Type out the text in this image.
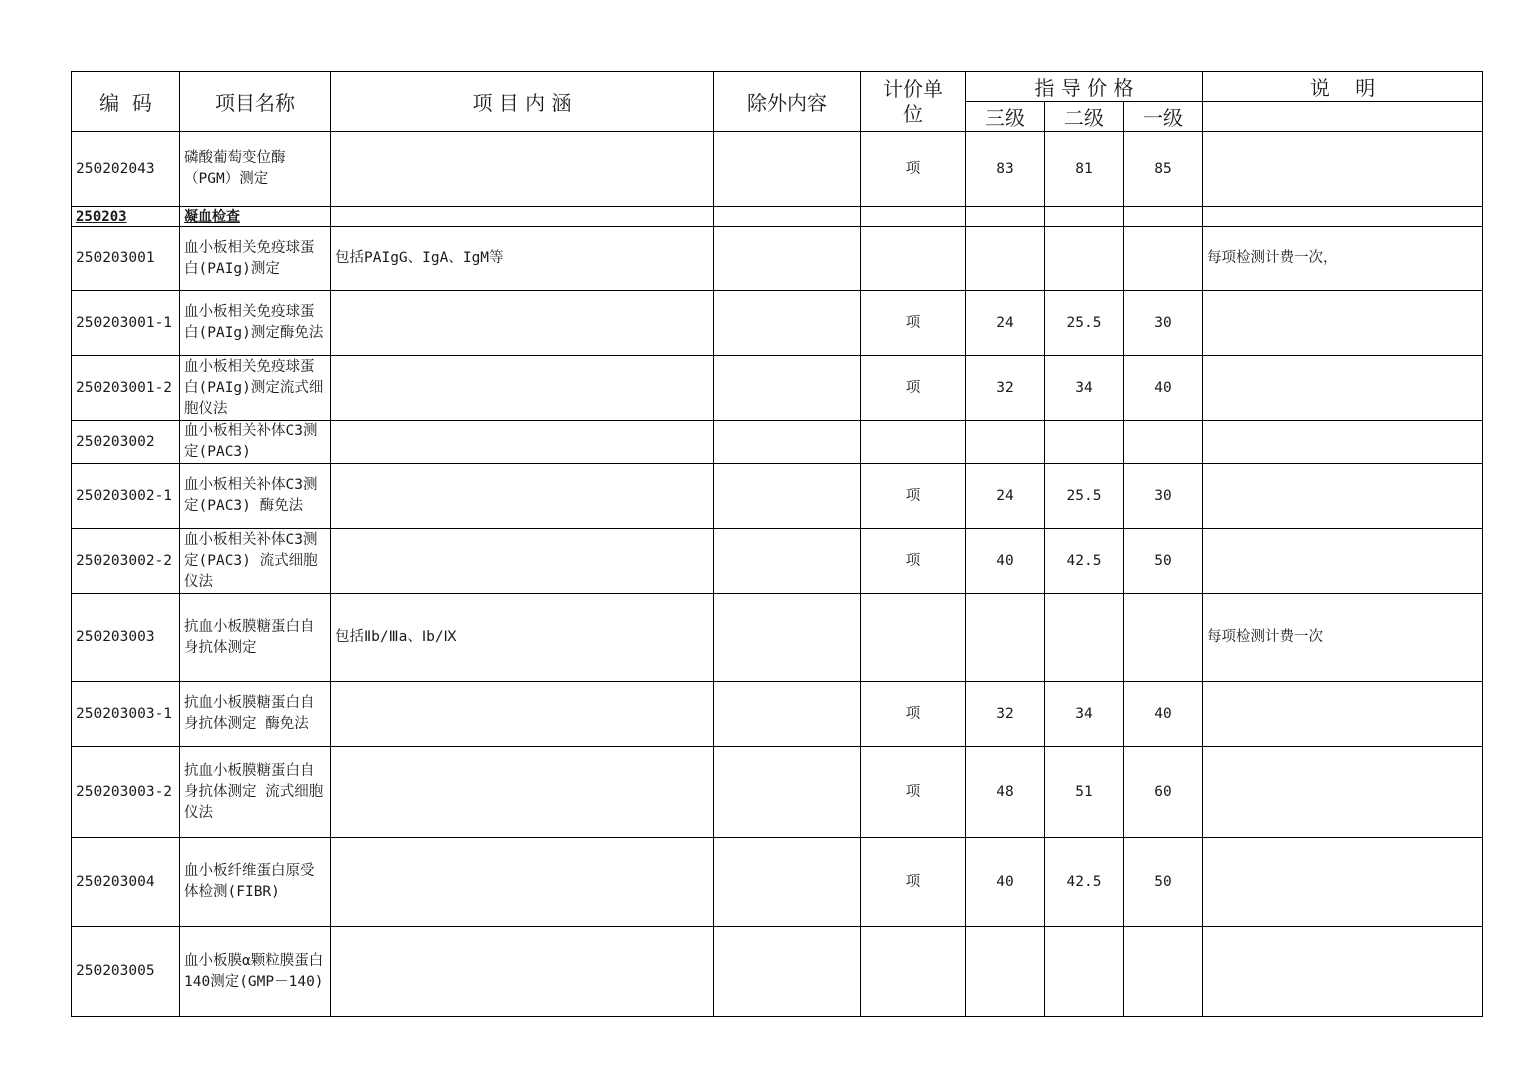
编  码	项目名称	项 目 内 涵	除外内容	计价单位	指 导 价 格			说    明
					三级	二级	一级	
250202043	磷酸葡萄变位酶（PGM）测定			项	83	81	85	
250203	凝血检查							
250203001	血小板相关免疫球蛋白(PAIg)测定	包括PAIgG、IgA、IgM等						每项检测计费一次，
250203001-1	血小板相关免疫球蛋白(PAIg)测定酶免法			项	24	25.5	30	
250203001-2	血小板相关免疫球蛋白(PAIg)测定流式细胞仪法			项	32	34	40	
250203002	血小板相关补体C3测定(PAC3)							
250203002-1	血小板相关补体C3测定(PAC3) 酶免法			项	24	25.5	30	
250203002-2	血小板相关补体C3测定(PAC3) 流式细胞仪法			项	40	42.5	50	
250203003	抗血小板膜糖蛋白自身抗体测定	包括Ⅱb/Ⅲa、Ⅰb/Ⅸ						每项检测计费一次
250203003-1	抗血小板膜糖蛋白自身抗体测定 酶免法			项	32	34	40	
250203003-2	抗血小板膜糖蛋白自身抗体测定 流式细胞仪法			项	48	51	60	
250203004	血小板纤维蛋白原受体检测(FIBR)			项	40	42.5	50	
250203005	血小板膜α颗粒膜蛋白140测定(GMP－140)							
